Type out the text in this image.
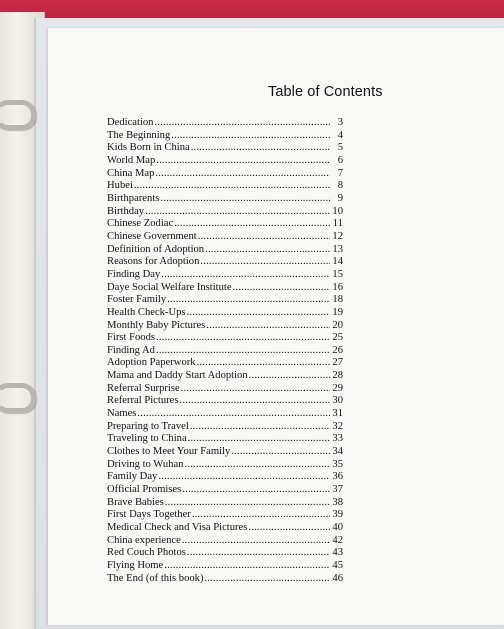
Table of Contents
Dedication .....	3
The Beginning .....	4
Kids Born in China .....	5
World Map .....	6
China Map .....	7
Hubei .....	8
Birthparents .....	9
Birthday .....	10
Chinese Zodiac .....	11
Chinese Government .....	12
Definition of Adoption .....	13
Reasons for Adoption .....	14
Finding Day .....	15
Daye Social Welfare Institute .....	16
Foster Family .....	18
Health Check-Ups .....	19
Monthly Baby Pictures .....	20
First Foods .....	25
Finding Ad .....	26
Adoption Paperwork .....	27
Mama and Daddy Start Adoption .....	28
Referral Surprise .....	29
Referral Pictures .....	30
Names .....	31
Preparing to Travel .....	32
Traveling to China .....	33
Clothes to Meet Your Family .....	34
Driving to Wuhan .....	35
Family Day .....	36
Official Promises .....	37
Brave Babies .....	38
First Days Together .....	39
Medical Check and Visa Pictures .....	40
China experience .....	42
Red Couch Photos .....	43
Flying Home .....	45
The End (of this book) .....	46
